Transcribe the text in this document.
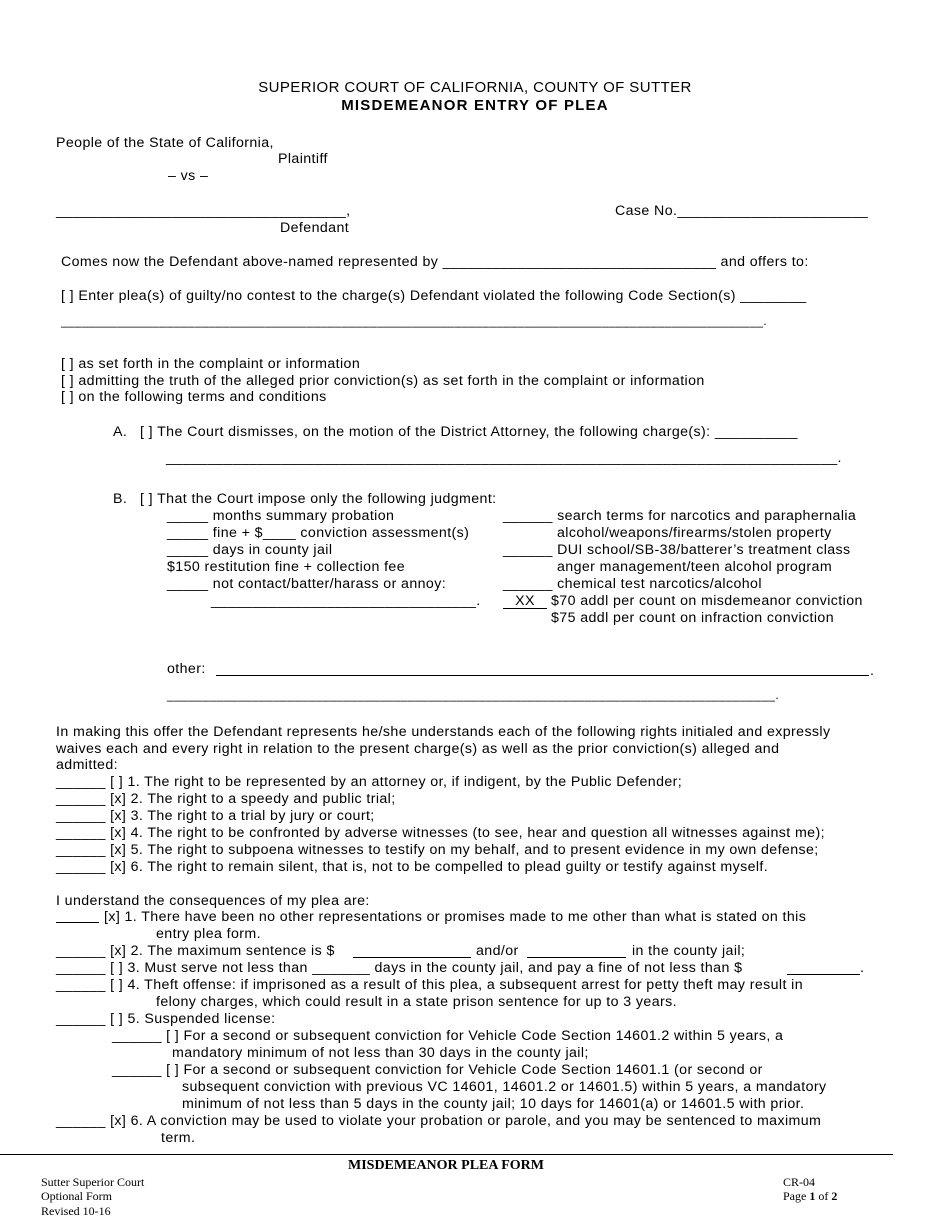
SUPERIOR COURT OF CALIFORNIA, COUNTY OF SUTTER
MISDEMEANOR ENTRY OF PLEA
People of the State of California,
Plaintiff
– vs –
___________________________________,
Defendant
Case No._______________________
Comes now the Defendant above-named represented by _________________________________ and offers to:
[ ] Enter plea(s) of guilty/no contest to the charge(s) Defendant violated the following Code Section(s) ________
____________________________________________________________________________________________________.
[ ] as set forth in the complaint or information
[ ] admitting the truth of the alleged prior conviction(s) as set forth in the complaint or information
[ ] on the following terms and conditions
A. [ ] The Court dismisses, on the motion of the District Attorney, the following charge(s): __________
_________________________________________________________________________________.
B. [ ] That the Court impose only the following judgment:
_____ months summary probation
_____ fine + $____ conviction assessment(s)
_____ days in county jail
$150 restitution fine + collection fee
_____ not contact/batter/harass or annoy:
________________________________.
______ search terms for narcotics and paraphernalia
alcohol/weapons/firearms/stolen property
______ DUI school/SB-38/batterer’s treatment class
anger management/teen alcohol program
______ chemical test narcotics/alcohol
XX	$70 addl per count on misdemeanor conviction
$75 addl per count on infraction conviction
other:	.
______________________________________________________________________________________.
In making this offer the Defendant represents he/she understands each of the following rights initialed and expressly
waives each and every right in relation to the present charge(s) as well as the prior conviction(s) alleged and
admitted:
______ [ ] 1. The right to be represented by an attorney or, if indigent, by the Public Defender;
______ [x] 2. The right to a speedy and public trial;
______ [x] 3. The right to a trial by jury or court;
______ [x] 4. The right to be confronted by adverse witnesses (to see, hear and question all witnesses against me);
______ [x] 5. The right to subpoena witnesses to testify on my behalf, and to present evidence in my own defense;
______ [x] 6. The right to remain silent, that is, not to be compelled to plead guilty or testify against myself.
I understand the consequences of my plea are:
[x] 1. There have been no other representations or promises made to me other than what is stated on this
entry plea form.
______ [x] 2. The maximum sentence is $	and/or	in the county jail;
______ [ ] 3. Must serve not less than _______ days in the county jail, and pay a fine of not less than $	.
______ [ ] 4. Theft offense: if imprisoned as a result of this plea, a subsequent arrest for petty theft may result in
felony charges, which could result in a state prison sentence for up to 3 years.
______ [ ] 5. Suspended license:
______ [ ] For a second or subsequent conviction for Vehicle Code Section 14601.2 within 5 years, a
mandatory minimum of not less than 30 days in the county jail;
______ [ ] For a second or subsequent conviction for Vehicle Code Section 14601.1 (or second or
subsequent conviction with previous VC 14601, 14601.2 or 14601.5) within 5 years, a mandatory
minimum of not less than 5 days in the county jail; 10 days for 14601(a) or 14601.5 with prior.
______ [x] 6. A conviction may be used to violate your probation or parole, and you may be sentenced to maximum
term.
MISDEMEANOR PLEA FORM
Sutter Superior Court
Optional Form
Revised 10-16
CR-04
Page 1 of 2
